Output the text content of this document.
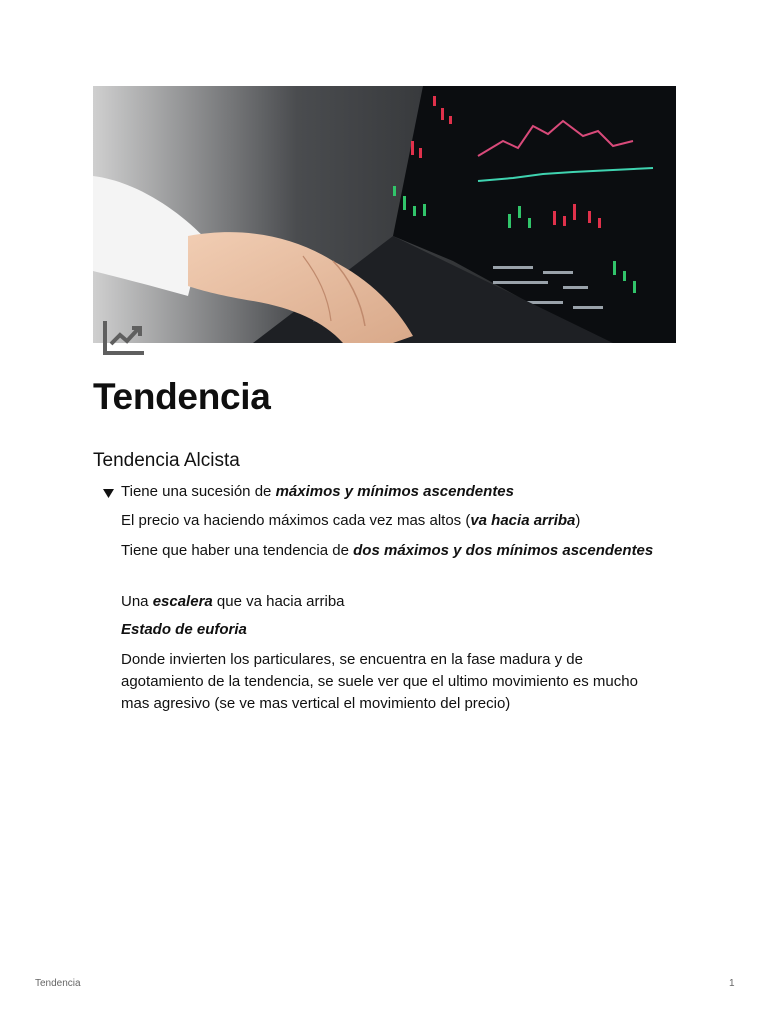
Tendencia
Tendencia Alcista

Tiene una sucesión de máximos y mínimos ascendentes

El precio va haciendo máximos cada vez mas altos (va hacia arriba)

Tiene que haber una tendencia de dos máximos y dos mínimos ascendentes

Una escalera que va hacia arriba

Estado de euforia

Donde invierten los particulares, se encuentra en la fase madura y de agotamiento de la tendencia, se suele ver que el ultimo movimiento es mucho mas agresivo (se ve mas vertical el movimiento del precio)

Tendencia	1
